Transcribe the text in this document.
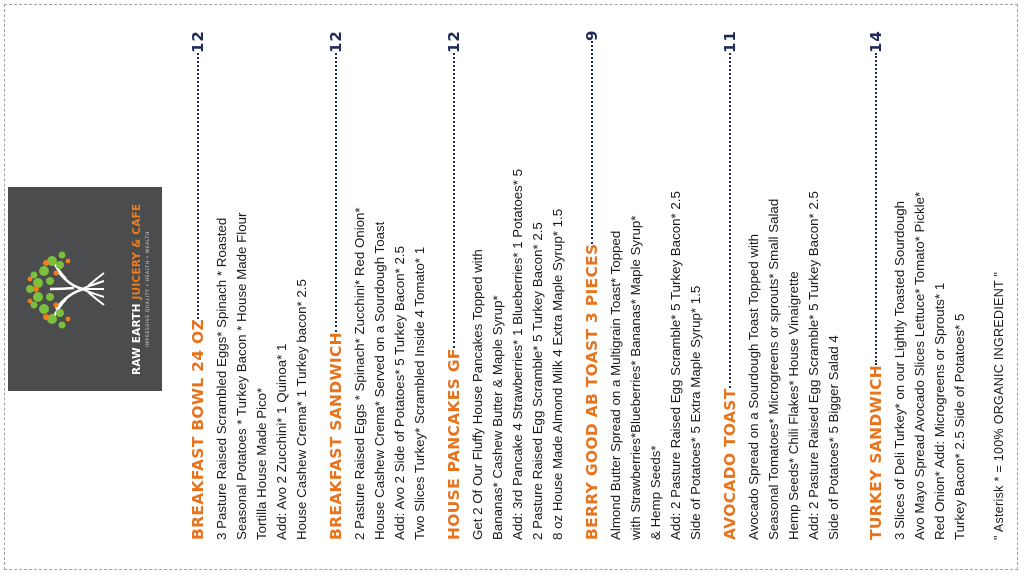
RAW EARTH JUICERY & CAFE IMPRESSIVE QUALITY • HEALTH • WEALTH
BREAKFAST BOWL 24 OZ
12
3 Pasture Raised Scrambled Eggs* Spinach * Roasted Seasonal Potatoes * Turkey Bacon * House Made Flour Tortilla House Made Pico* Add: Avo 2 Zucchini* 1 Quinoa* 1 House Cashew Crema* 1 Turkey bacon* 2.5 BREAKFAST SANDWICH
12
2 Pasture Raised Eggs * Spinach* Zucchini* Red Onion* House Cashew Crema* Served on a Sourdough Toast Add: Avo 2 Side of Potatoes* 5 Turkey Bacon* 2.5 Two Slices Turkey* Scrambled Inside 4 Tomato* 1 HOUSE PANCAKES GF
12
Get 2 Of Our Fluffy House Pancakes Topped with Bananas* Cashew Butter & Maple Syrup* Add: 3rd Pancake 4 Strawberries* 1 Blueberries* 1 Potatoes* 5 2 Pasture Raised Egg Scramble* 5 Turkey Bacon* 2.5 8 oz House Made Almond Milk 4 Extra Maple Syrup* 1.5 BERRY GOOD AB TOAST 3 PIECES
9
Almond Butter Spread on a Multigrain Toast* Topped with Strawberries*Blueberries* Bananas* Maple Syrup* & Hemp Seeds* Add: 2 Pasture Raised Egg Scramble* 5 Turkey Bacon* 2.5 Side of Potatoes* 5 Extra Maple Syrup* 1.5 AVOCADO TOAST
11
Avocado Spread on a Sourdough Toast Topped with Seasonal Tomatoes* Microgreens or sprouts* Small Salad Hemp Seeds* Chili Flakes* House Vinaigrette Add: 2 Pasture Raised Egg Scramble* 5 Turkey Bacon* 2.5 Side of Potatoes* 5 Bigger Salad 4 TURKEY SANDWICH
14
3 Slices of Deli Turkey* on our Lightly Toasted Sourdough Avo Mayo Spread Avocado Slices Lettuce* Tomato* Pickle* Red Onion* Add: Microgreens or Sprouts* 1 Turkey Bacon* 2.5 Side of Potatoes* 5 " Asterisk * = 100% ORGANIC INGREDIENT "
